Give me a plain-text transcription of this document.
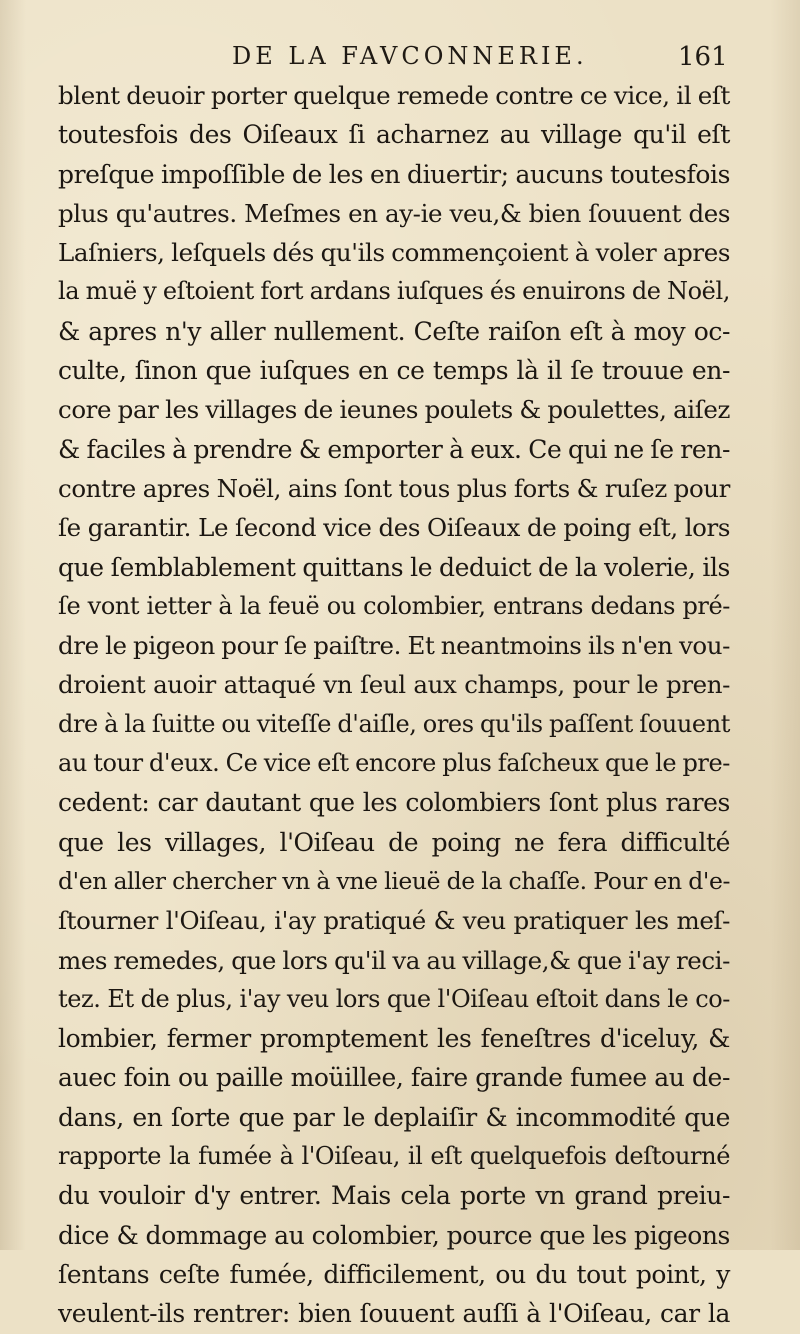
DE LA FAVCONNERIE.	161
blent deuoir porter quelque remede contre ce vice, il eſt
toutesfois des Oiſeaux ſi acharnez au village qu'il eſt
preſque impoſſible de les en diuertir; aucuns toutesfois
plus qu'autres. Meſmes en ay-ie veu,& bien ſouuent des
Laſniers, leſquels dés qu'ils commençoient à voler apres
la muë y eſtoient fort ardans iuſques és enuirons de Noël,
& apres n'y aller nullement. Ceſte raiſon eſt à moy oc-
culte, ſinon que iuſques en ce temps là il ſe trouue en-
core par les villages de ieunes poulets & poulettes, aiſez
& faciles à prendre & emporter à eux. Ce qui ne ſe ren-
contre apres Noël, ains ſont tous plus forts & ruſez pour
ſe garantir. Le ſecond vice des Oiſeaux de poing eſt, lors
que ſemblablement quittans le deduict de la volerie, ils
ſe vont ietter à la feuë ou colombier, entrans dedans pré-
dre le pigeon pour ſe paiſtre. Et neantmoins ils n'en vou-
droient auoir attaqué vn ſeul aux champs, pour le pren-
dre à la ſuitte ou viteſſe d'aiſle, ores qu'ils paſſent ſouuent
au tour d'eux. Ce vice eſt encore plus faſcheux que le pre-
cedent: car dautant que les colombiers ſont plus rares
que les villages, l'Oiſeau de poing ne fera difficulté
d'en aller chercher vn à vne lieuë de la chaſſe. Pour en d'e-
ſtourner l'Oiſeau, i'ay pratiqué & veu pratiquer les meſ-
mes remedes, que lors qu'il va au village,& que i'ay reci-
tez. Et de plus, i'ay veu lors que l'Oiſeau eſtoit dans le co-
lombier, fermer promptement les feneſtres d'iceluy, &
auec foin ou paille moüillee, faire grande fumee au de-
dans, en ſorte que par le deplaiſir & incommodité que
rapporte la fumée à l'Oiſeau, il eſt quelquefois deſtourné
du vouloir d'y entrer. Mais cela porte vn grand preiu-
dice & dommage au colombier, pource que les pigeons
ſentans ceſte fumée, difficilement, ou du tout point, y
veulent-ils rentrer: bien ſouuent auſſi à l'Oiſeau, car la
